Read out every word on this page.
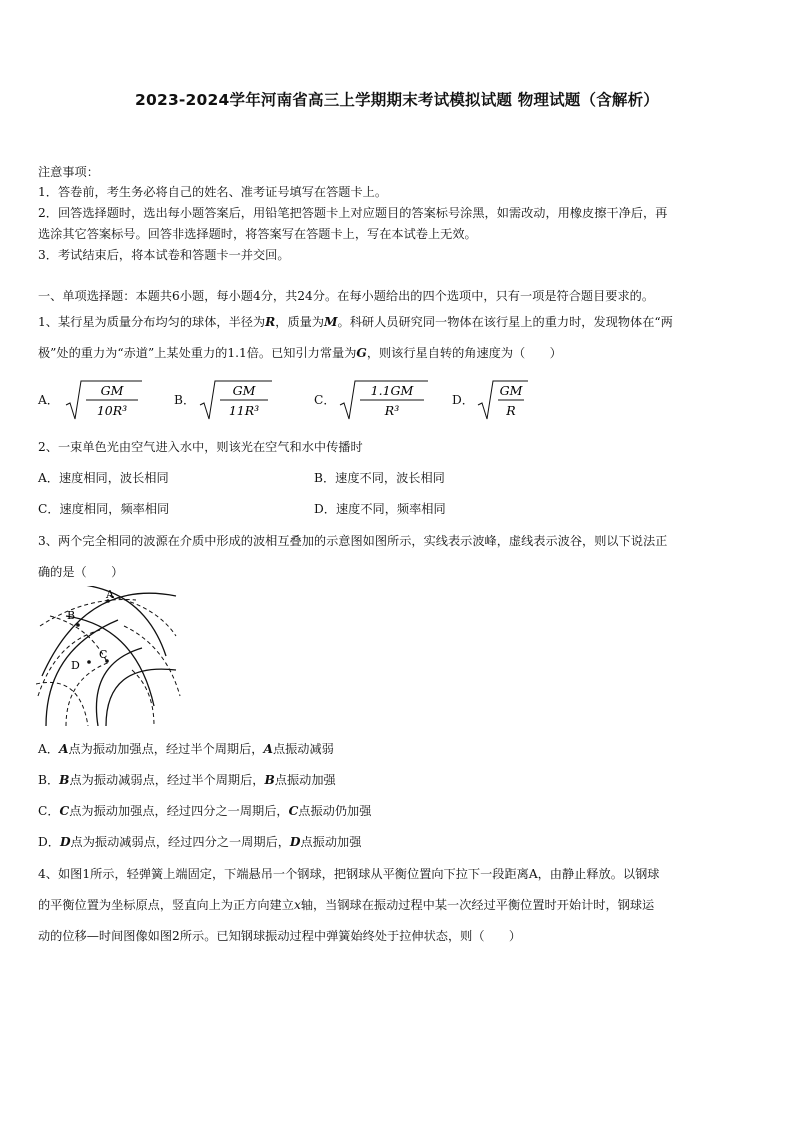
2023-2024学年河南省高三上学期期末考试模拟试题 物理试题（含解析）
注意事项：
1．答卷前，考生务必将自己的姓名、准考证号填写在答题卡上。
2．回答选择题时，选出每小题答案后，用铅笔把答题卡上对应题目的答案标号涂黑，如需改动，用橡皮擦干净后，再
选涂其它答案标号。回答非选择题时，将答案写在答题卡上，写在本试卷上无效。
3．考试结束后，将本试卷和答题卡一并交回。
一、单项选择题：本题共6小题，每小题4分，共24分。在每小题给出的四个选项中，只有一项是符合题目要求的。
1、某行星为质量分布均匀的球体，半径为R，质量为M。科研人员研究同一物体在该行星上的重力时，发现物体在“两
极”处的重力为“赤道”上某处重力的1.1倍。已知引力常量为G，则该行星自转的角速度为（　　）
A．
GM
10R³
B．
GM
11R³
C．
1.1GM
R³
D．
GM
R
2、一束单色光由空气进入水中，则该光在空气和水中传播时
A．速度相同，波长相同	B．速度不同，波长相同
C．速度相同，频率相同	D．速度不同，频率相同
3、两个完全相同的波源在介质中形成的波相互叠加的示意图如图所示，实线表示波峰，虚线表示波谷，则以下说法正
确的是（　　）
A
B
C
D
A．A点为振动加强点，经过半个周期后，A点振动减弱
B．B点为振动减弱点，经过半个周期后，B点振动加强
C．C点为振动加强点，经过四分之一周期后，C点振动仍加强
D．D点为振动减弱点，经过四分之一周期后，D点振动加强
4、如图1所示，轻弹簧上端固定，下端悬吊一个钢球，把钢球从平衡位置向下拉下一段距离A，由静止释放。以钢球
的平衡位置为坐标原点，竖直向上为正方向建立x轴，当钢球在振动过程中某一次经过平衡位置时开始计时，钢球运
动的位移—时间图像如图2所示。已知钢球振动过程中弹簧始终处于拉伸状态，则（　　）
